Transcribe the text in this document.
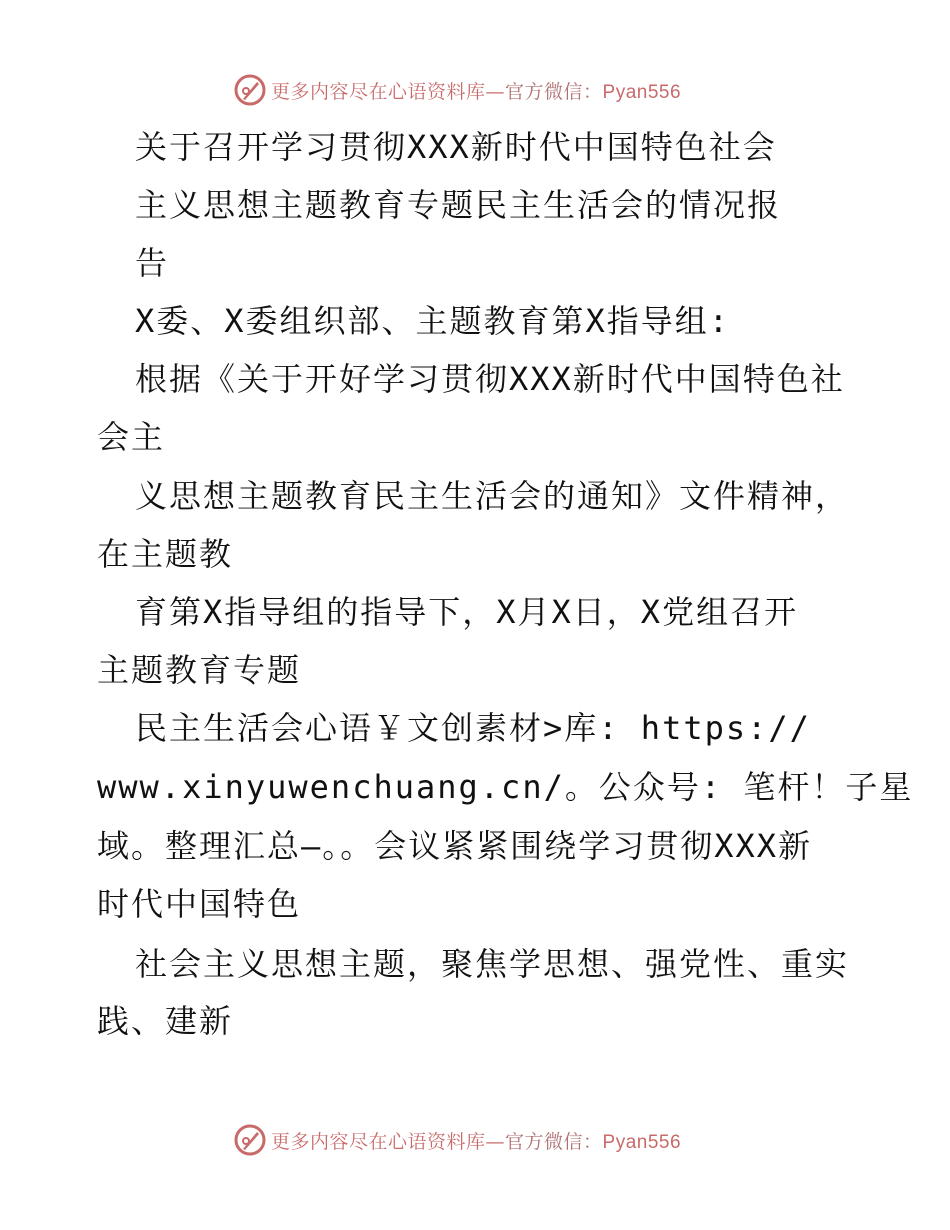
更多内容尽在心语资料库—官方微信：Pyan556
关于召开学习贯彻XXX新时代中国特色社会
主义思想主题教育专题民主生活会的情况报
告
X委、X委组织部、主题教育第X指导组:
根据《关于开好学习贯彻XXX新时代中国特色社
会主
义思想主题教育民主生活会的通知》文件精神，
在主题教
育第X指导组的指导下，X月X日，X党组召开
主题教育专题
民主生活会心语￥文创素材>库: https://
www.xinyuwenchuang.cn/。公众号: 笔杆！子星
域。整理汇总—。。会议紧紧围绕学习贯彻XXX新
时代中国特色
社会主义思想主题，聚焦学思想、强党性、重实
践、建新
更多内容尽在心语资料库—官方微信：Pyan556
